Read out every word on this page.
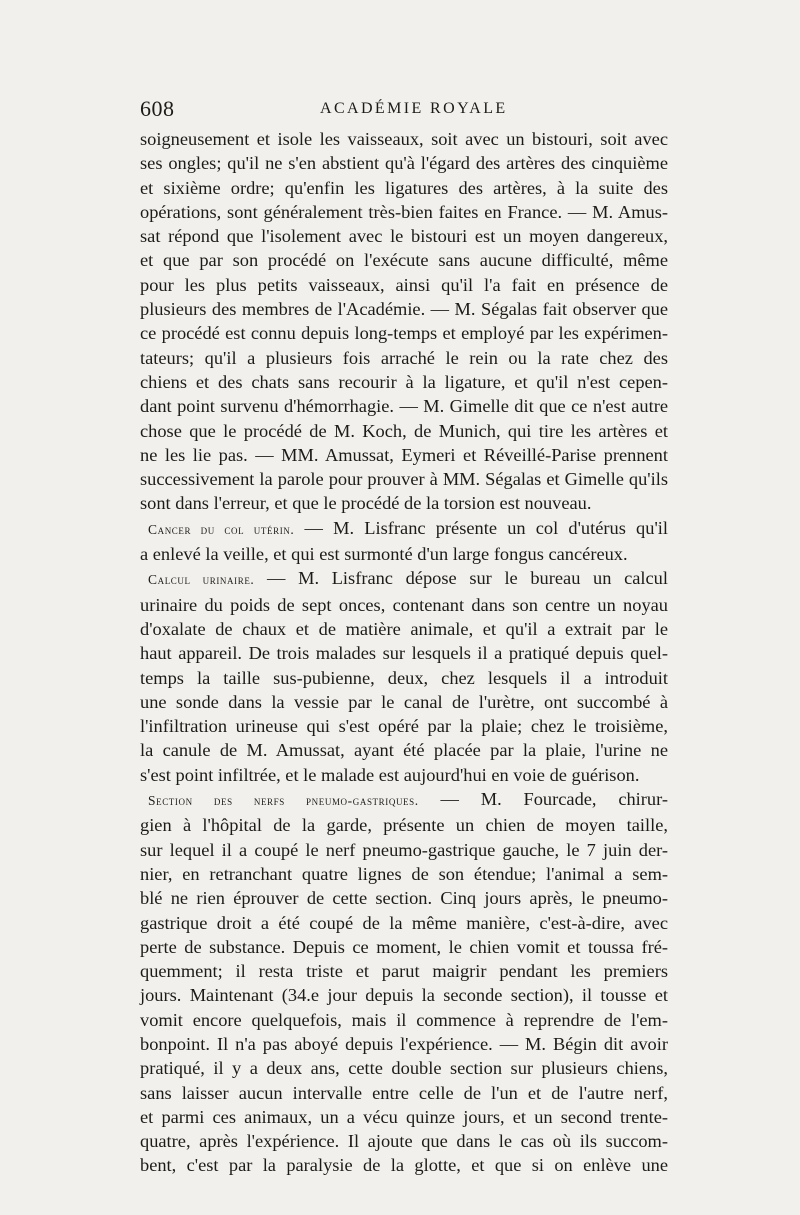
608	ACADÉMIE ROYALE
soigneusement et isole les vaisseaux, soit avec un bistouri, soit avec
ses ongles; qu'il ne s'en abstient qu'à l'égard des artères des cinquième
et sixième ordre; qu'enfin les ligatures des artères, à la suite des
opérations, sont généralement très-bien faites en France. — M. Amus-
sat répond que l'isolement avec le bistouri est un moyen dangereux,
et que par son procédé on l'exécute sans aucune difficulté, même
pour les plus petits vaisseaux, ainsi qu'il l'a fait en présence de
plusieurs des membres de l'Académie. — M. Ségalas fait observer que
ce procédé est connu depuis long-temps et employé par les expérimen-
tateurs; qu'il a plusieurs fois arraché le rein ou la rate chez des
chiens et des chats sans recourir à la ligature, et qu'il n'est cepen-
dant point survenu d'hémorrhagie. — M. Gimelle dit que ce n'est autre
chose que le procédé de M. Koch, de Munich, qui tire les artères et
ne les lie pas. — MM. Amussat, Eymeri et Réveillé-Parise prennent
successivement la parole pour prouver à MM. Ségalas et Gimelle qu'ils
sont dans l'erreur, et que le procédé de la torsion est nouveau.
Cancer du col utérin. — M. Lisfranc présente un col d'utérus qu'il
a enlevé la veille, et qui est surmonté d'un large fongus cancéreux.
Calcul urinaire. — M. Lisfranc dépose sur le bureau un calcul
urinaire du poids de sept onces, contenant dans son centre un noyau
d'oxalate de chaux et de matière animale, et qu'il a extrait par le
haut appareil. De trois malades sur lesquels il a pratiqué depuis quel-
temps la taille sus-pubienne, deux, chez lesquels il a introduit
une sonde dans la vessie par le canal de l'urètre, ont succombé à
l'infiltration urineuse qui s'est opéré par la plaie; chez le troisième,
la canule de M. Amussat, ayant été placée par la plaie, l'urine ne
s'est point infiltrée, et le malade est aujourd'hui en voie de guérison.
Section des nerfs pneumo-gastriques. — M. Fourcade, chirur-
gien à l'hôpital de la garde, présente un chien de moyen taille,
sur lequel il a coupé le nerf pneumo-gastrique gauche, le 7 juin der-
nier, en retranchant quatre lignes de son étendue; l'animal a sem-
blé ne rien éprouver de cette section. Cinq jours après, le pneumo-
gastrique droit a été coupé de la même manière, c'est-à-dire, avec
perte de substance. Depuis ce moment, le chien vomit et toussa fré-
quemment; il resta triste et parut maigrir pendant les premiers
jours. Maintenant (34.e jour depuis la seconde section), il tousse et
vomit encore quelquefois, mais il commence à reprendre de l'em-
bonpoint. Il n'a pas aboyé depuis l'expérience. — M. Bégin dit avoir
pratiqué, il y a deux ans, cette double section sur plusieurs chiens,
sans laisser aucun intervalle entre celle de l'un et de l'autre nerf,
et parmi ces animaux, un a vécu quinze jours, et un second trente-
quatre, après l'expérience. Il ajoute que dans le cas où ils succom-
bent, c'est par la paralysie de la glotte, et que si on enlève une
